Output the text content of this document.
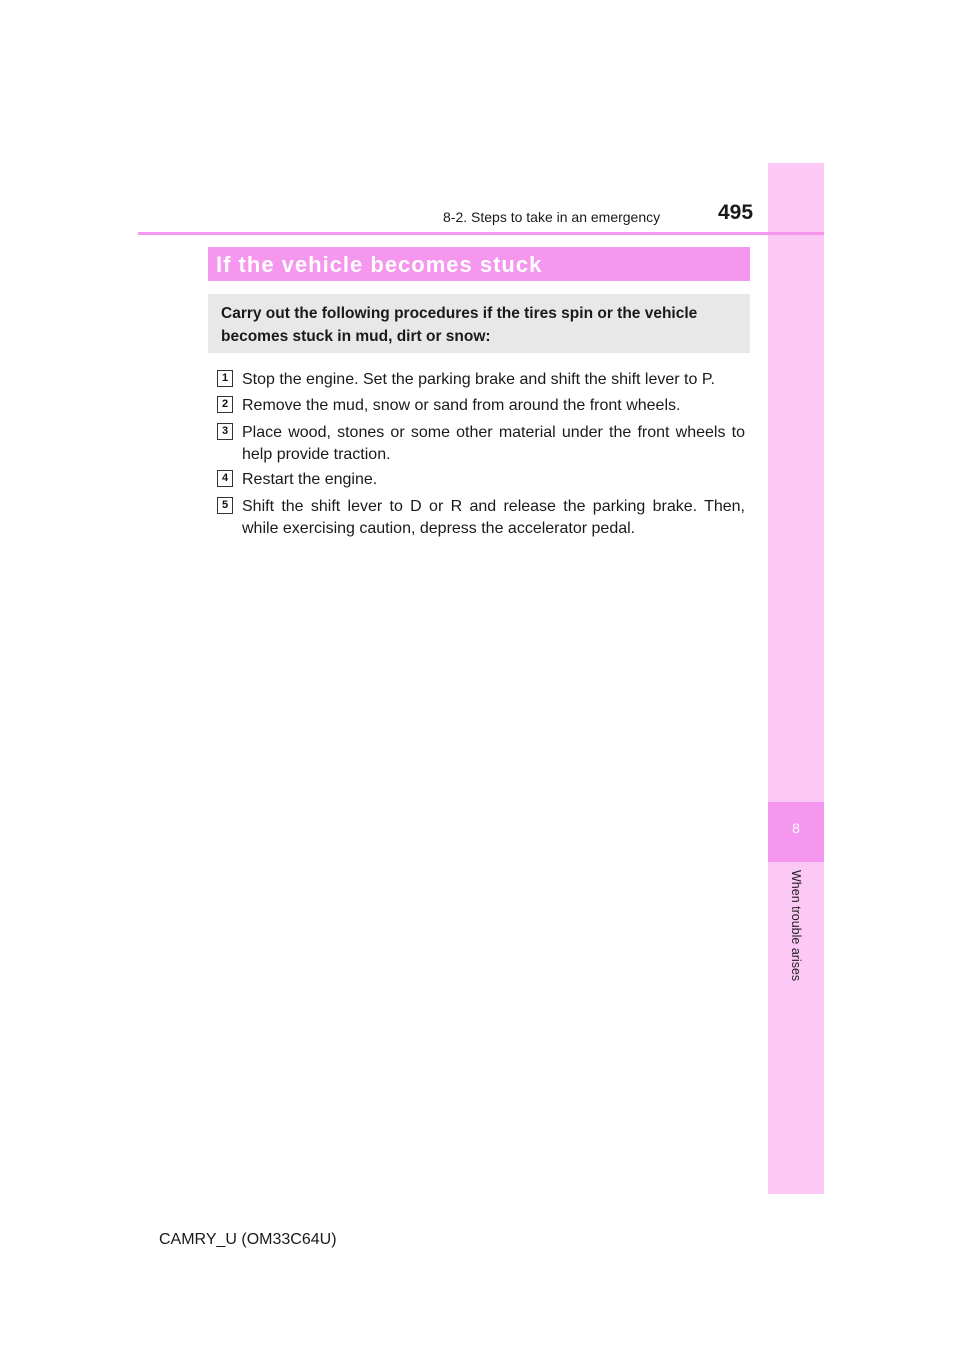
8
When trouble arises
8-2. Steps to take in an emergency	495
If the vehicle becomes stuck
Carry out the following procedures if the tires spin or the vehicle becomes stuck in mud, dirt or snow:
1 Stop the engine. Set the parking brake and shift the shift lever to P.
2 Remove the mud, snow or sand from around the front wheels.
3 Place wood, stones or some other material under the front wheels to help provide traction.
4 Restart the engine.
5 Shift the shift lever to D or R and release the parking brake. Then, while exercising caution, depress the accelerator pedal.
CAMRY_U (OM33C64U)
